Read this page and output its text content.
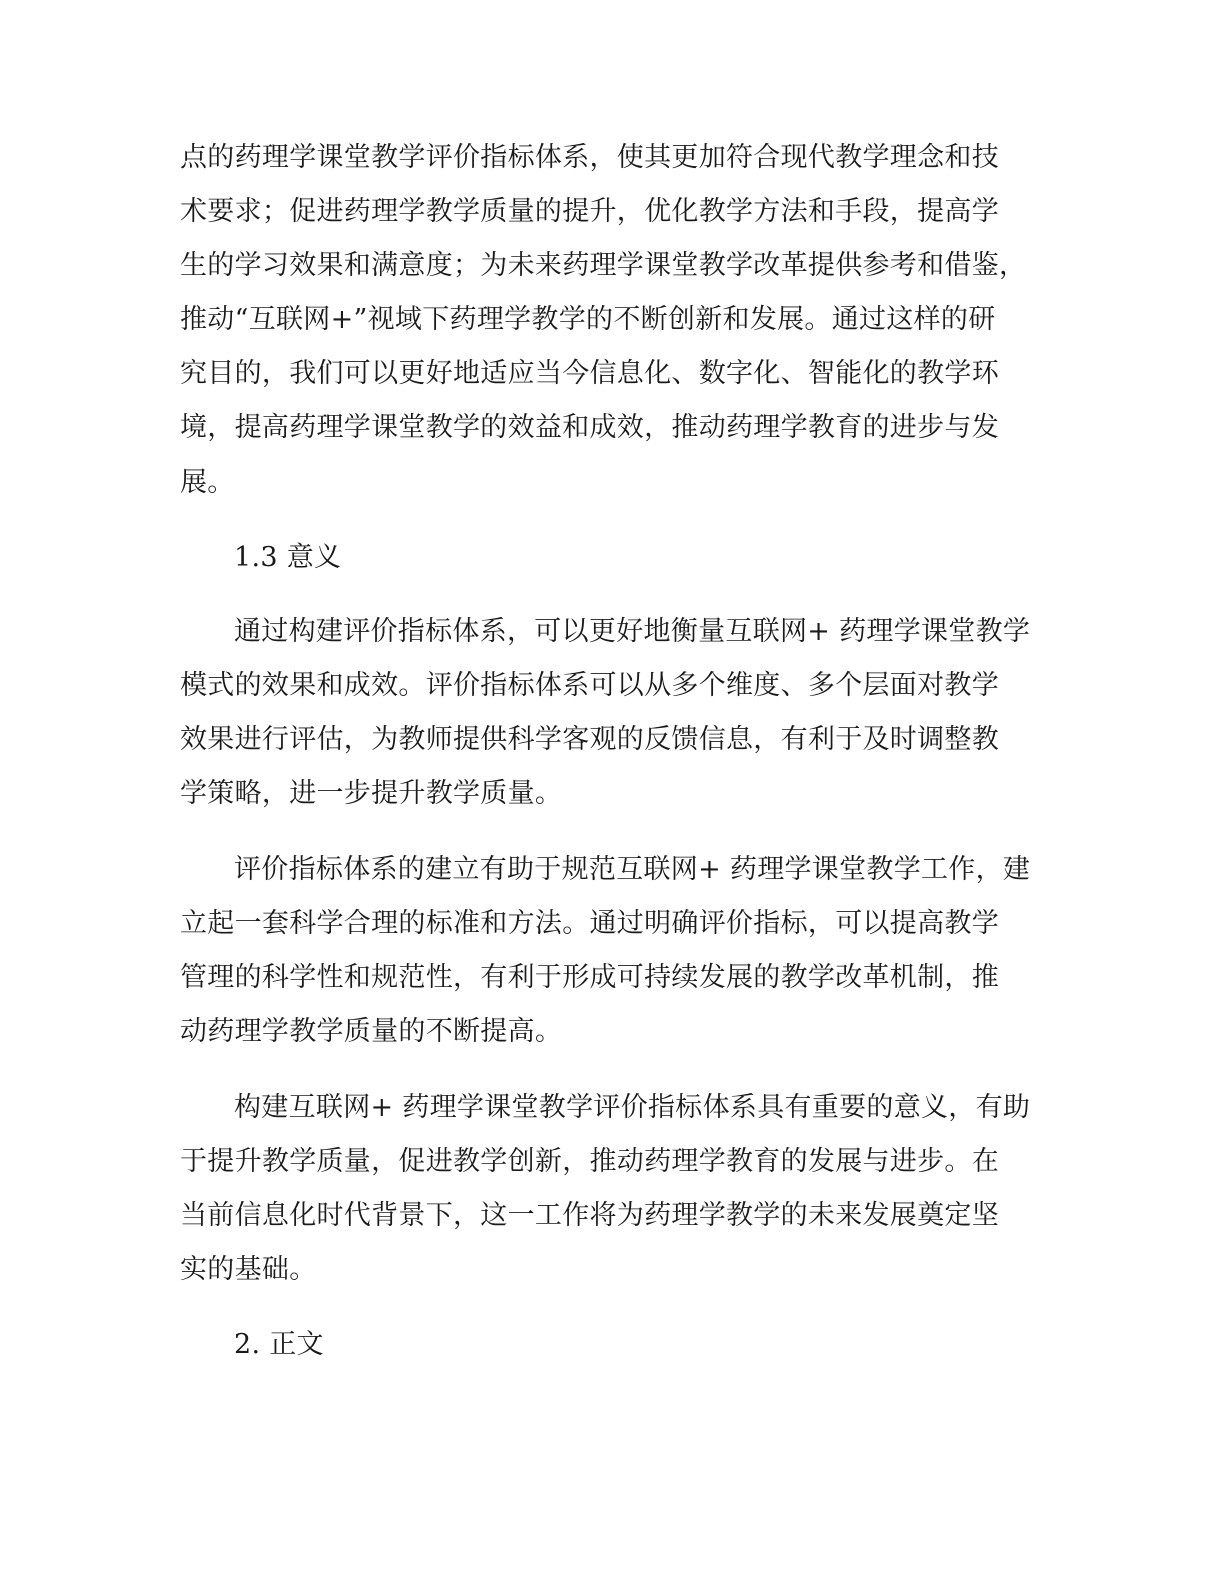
点的药理学课堂教学评价指标体系，使其更加符合现代教学理念和技
术要求；促进药理学教学质量的提升，优化教学方法和手段，提高学
生的学习效果和满意度；为未来药理学课堂教学改革提供参考和借鉴，
推动“互联网+”视域下药理学教学的不断创新和发展。通过这样的研
究目的，我们可以更好地适应当今信息化、数字化、智能化的教学环
境，提高药理学课堂教学的效益和成效，推动药理学教育的进步与发
展。
1.3 意义
通过构建评价指标体系，可以更好地衡量互联网+ 药理学课堂教学
模式的效果和成效。评价指标体系可以从多个维度、多个层面对教学
效果进行评估，为教师提供科学客观的反馈信息，有利于及时调整教
学策略，进一步提升教学质量。
评价指标体系的建立有助于规范互联网+ 药理学课堂教学工作，建
立起一套科学合理的标准和方法。通过明确评价指标，可以提高教学
管理的科学性和规范性，有利于形成可持续发展的教学改革机制，推
动药理学教学质量的不断提高。
构建互联网+ 药理学课堂教学评价指标体系具有重要的意义，有助
于提升教学质量，促进教学创新，推动药理学教育的发展与进步。在
当前信息化时代背景下，这一工作将为药理学教学的未来发展奠定坚
实的基础。
2. 正文
